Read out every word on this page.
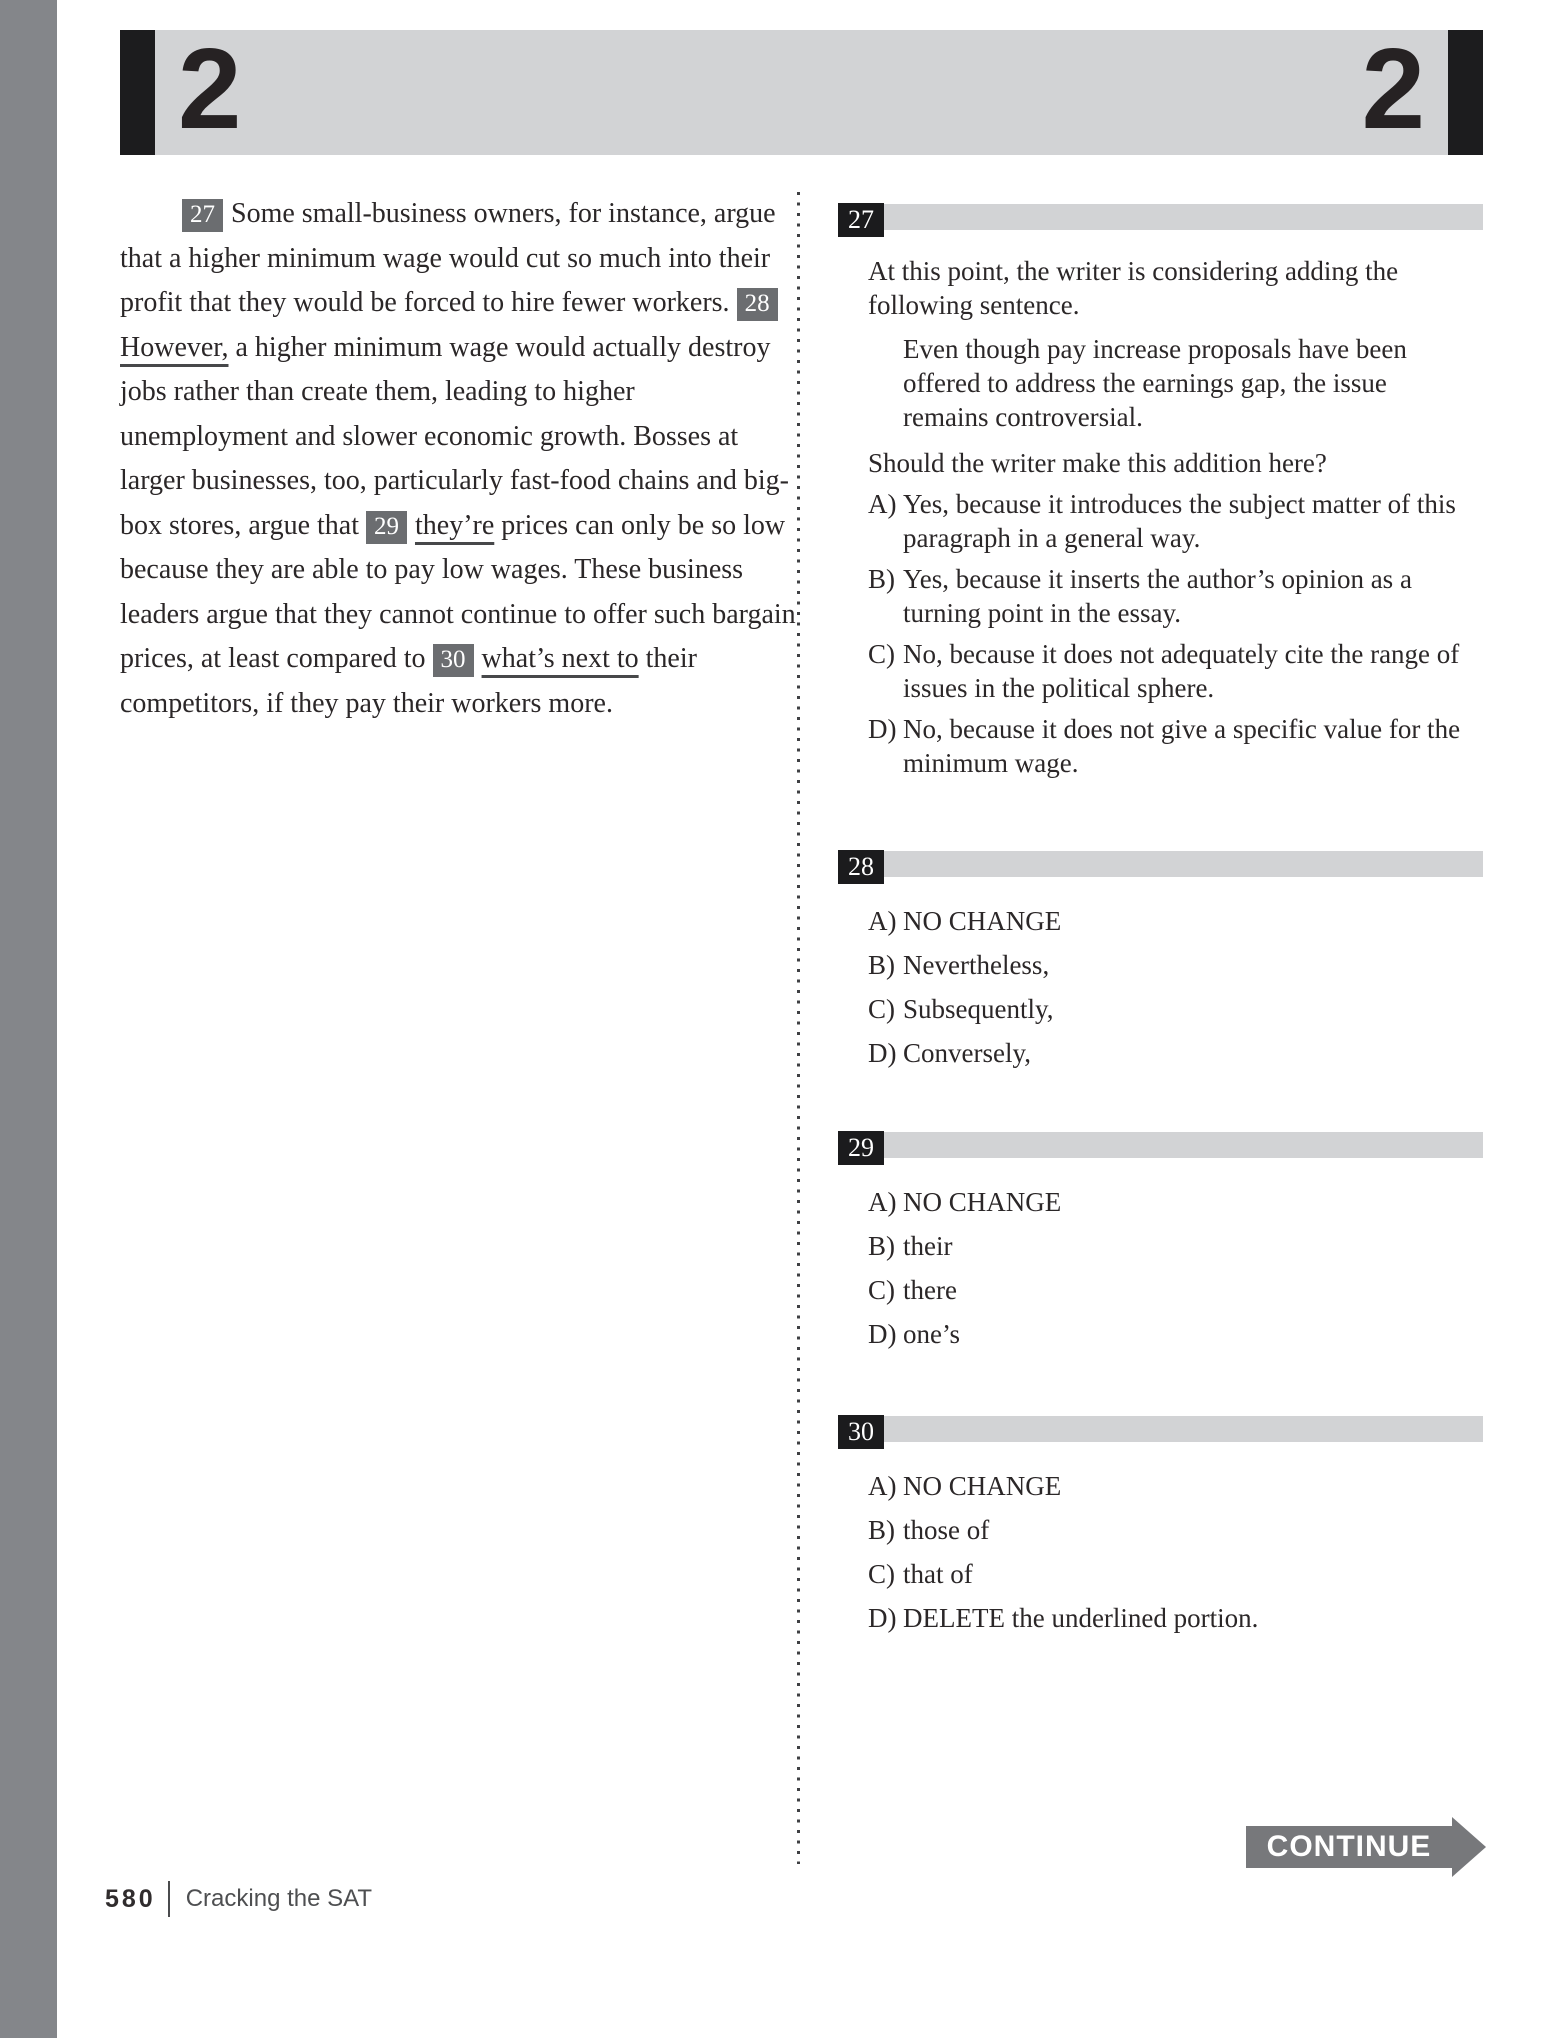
2	2
27 Some small-business owners, for instance, argue that a higher minimum wage would cut so much into their profit that they would be forced to hire fewer workers. 28However, a higher minimum wage would actually destroy jobs rather than create them, leading to higher unemployment and slower economic growth. Bosses at larger businesses, too, particularly fast-food chains and big-box stores, argue that 29 they’re prices can only be so low because they are able to pay low wages. These business leaders argue that they cannot continue to offer such bargain prices, at least compared to 30 what’s next to their competitors, if they pay their workers more.
27
At this point, the writer is considering adding the following sentence.
Even though pay increase proposals have been offered to address the earnings gap, the issue remains controversial.
Should the writer make this addition here?
A) Yes, because it introduces the subject matter of this paragraph in a general way.
B) Yes, because it inserts the author’s opinion as a turning point in the essay.
C) No, because it does not adequately cite the range of issues in the political sphere.
D) No, because it does not give a specific value for the minimum wage.
28
A) NO CHANGE
B) Nevertheless,
C) Subsequently,
D) Conversely,
29
A) NO CHANGE
B) their
C) there
D) one’s
30
A) NO CHANGE
B) those of
C) that of
D) DELETE the underlined portion.
CONTINUE
580 Cracking the SAT
